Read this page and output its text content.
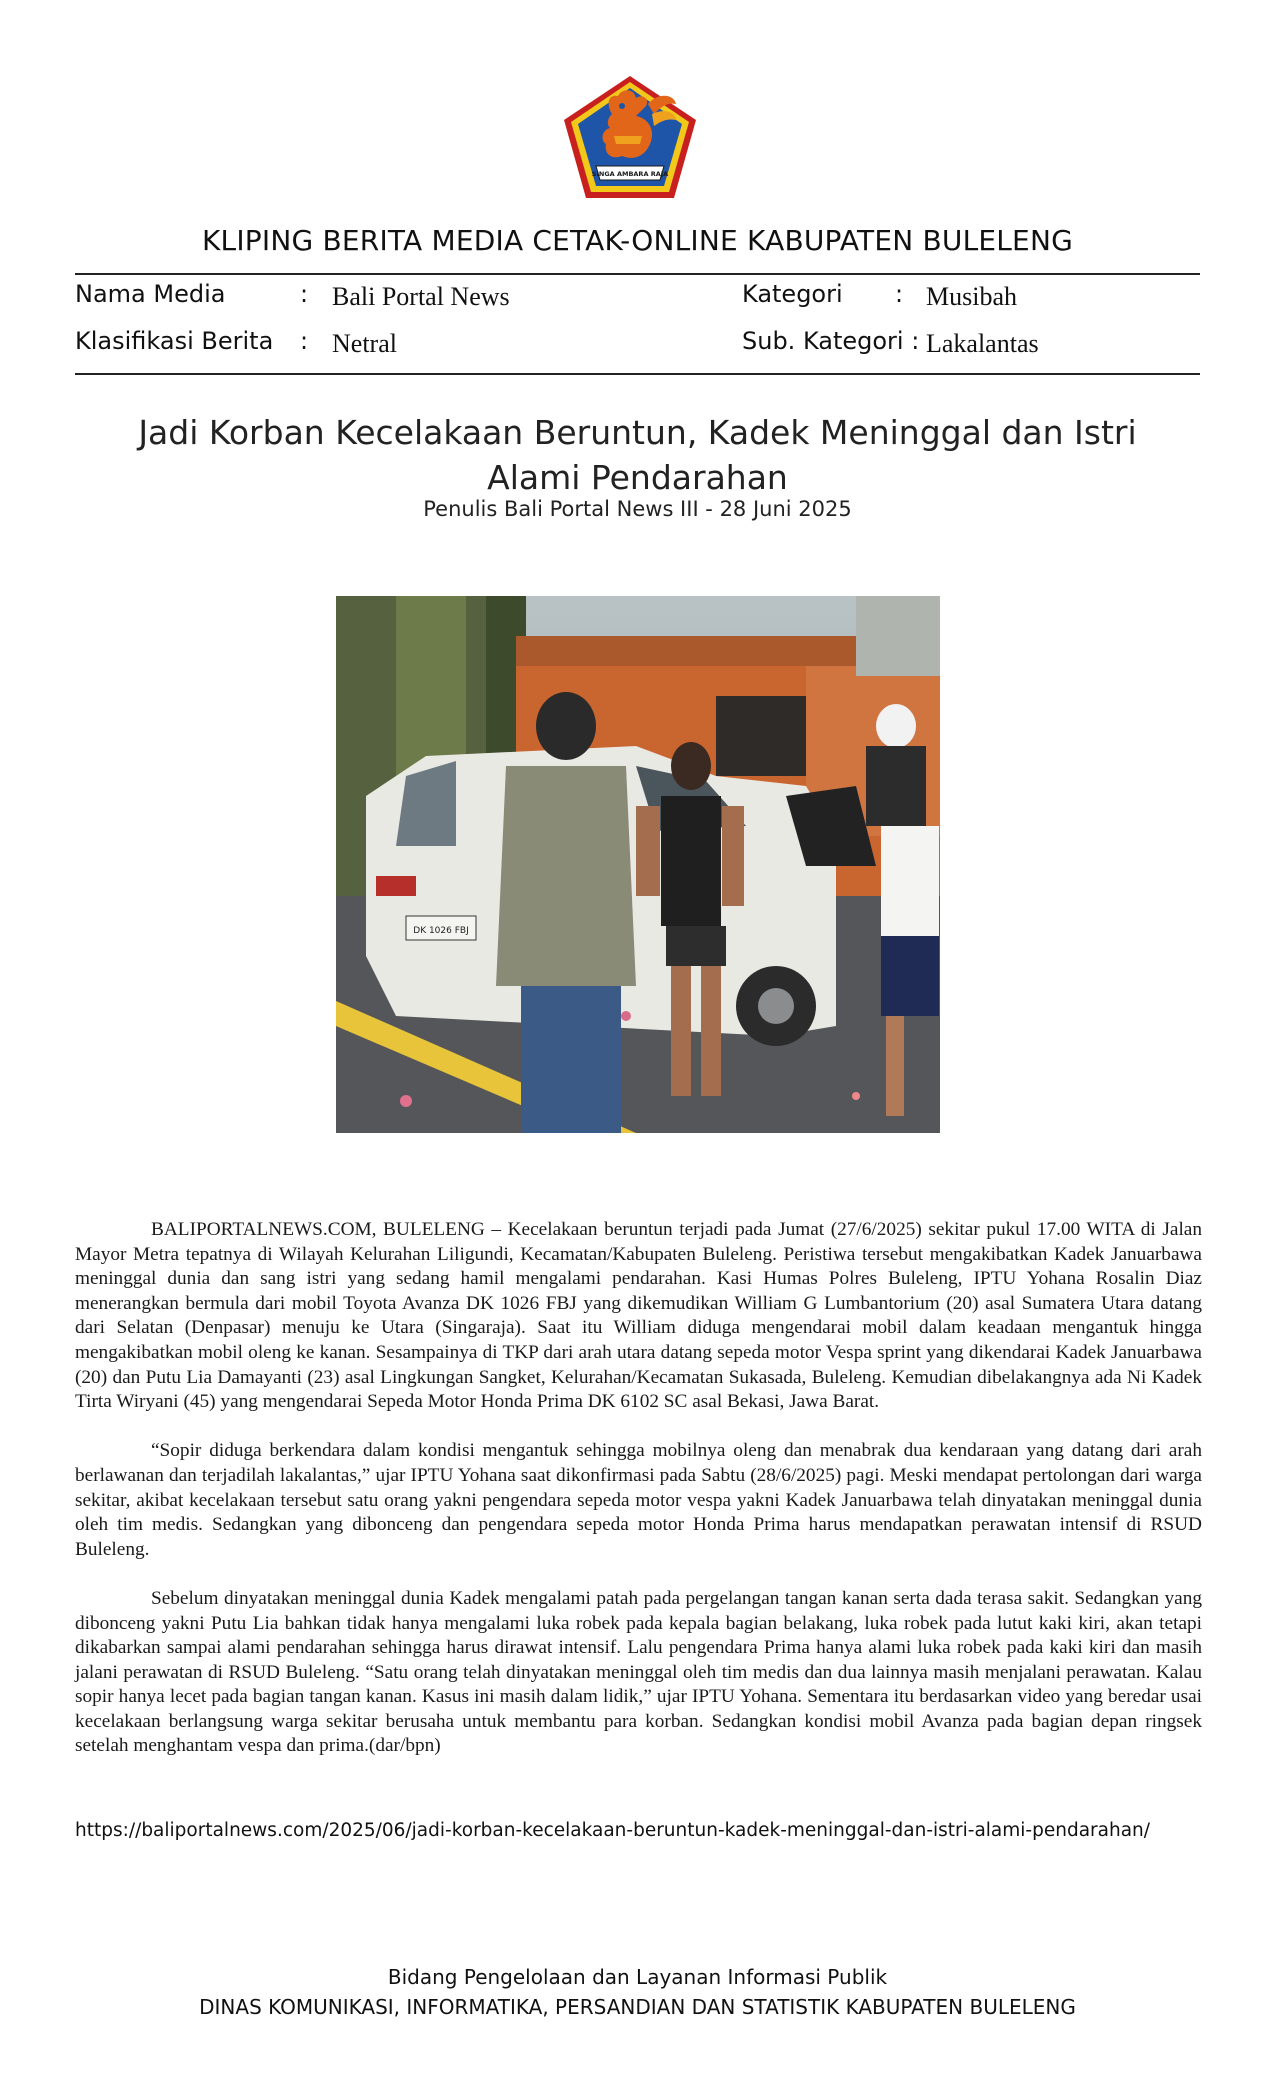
SINGA AMBARA RAJA
KLIPING BERITA MEDIA CETAK-ONLINE KABUPATEN BULELENG
Nama Media	: Bali Portal News	Kategori : Musibah
Klasifikasi Berita : Netral	Sub. Kategori : Lakalantas
Jadi Korban Kecelakaan Beruntun, Kadek Meninggal dan Istri
Alami Pendarahan
Penulis Bali Portal News III - 28 Juni 2025
DK 1026 FBJ

BALIPORTALNEWS.COM, BULELENG – Kecelakaan beruntun terjadi pada Jumat (27/6/2025) sekitar pukul 17.00 WITA di Jalan Mayor Metra tepatnya di Wilayah Kelurahan Liligundi, Kecamatan/Kabupaten Buleleng. Peristiwa tersebut mengakibatkan Kadek Januarbawa meninggal dunia dan sang istri yang sedang hamil mengalami pendarahan. Kasi Humas Polres Buleleng, IPTU Yohana Rosalin Diaz menerangkan bermula dari mobil Toyota Avanza DK 1026 FBJ yang dikemudikan William G Lumbantorium (20) asal Sumatera Utara datang dari Selatan (Denpasar) menuju ke Utara (Singaraja). Saat itu William diduga mengendarai mobil dalam keadaan mengantuk hingga mengakibatkan mobil oleng ke kanan. Sesampainya di TKP dari arah utara datang sepeda motor Vespa sprint yang dikendarai Kadek Januarbawa (20) dan Putu Lia Damayanti (23) asal Lingkungan Sangket, Kelurahan/Kecamatan Sukasada, Buleleng. Kemudian dibelakangnya ada Ni Kadek Tirta Wiryani (45) yang mengendarai Sepeda Motor Honda Prima DK 6102 SC asal Bekasi, Jawa Barat.

“Sopir diduga berkendara dalam kondisi mengantuk sehingga mobilnya oleng dan menabrak dua kendaraan yang datang dari arah berlawanan dan terjadilah lakalantas,” ujar IPTU Yohana saat dikonfirmasi pada Sabtu (28/6/2025) pagi. Meski mendapat pertolongan dari warga sekitar, akibat kecelakaan tersebut satu orang yakni pengendara sepeda motor vespa yakni Kadek Januarbawa telah dinyatakan meninggal dunia oleh tim medis. Sedangkan yang dibonceng dan pengendara sepeda motor Honda Prima harus mendapatkan perawatan intensif di RSUD Buleleng.

Sebelum dinyatakan meninggal dunia Kadek mengalami patah pada pergelangan tangan kanan serta dada terasa sakit. Sedangkan yang dibonceng yakni Putu Lia bahkan tidak hanya mengalami luka robek pada kepala bagian belakang, luka robek pada lutut kaki kiri, akan tetapi dikabarkan sampai alami pendarahan sehingga harus dirawat intensif. Lalu pengendara Prima hanya alami luka robek pada kaki kiri dan masih jalani perawatan di RSUD Buleleng. “Satu orang telah dinyatakan meninggal oleh tim medis dan dua lainnya masih menjalani perawatan. Kalau sopir hanya lecet pada bagian tangan kanan. Kasus ini masih dalam lidik,” ujar IPTU Yohana. Sementara itu berdasarkan video yang beredar usai kecelakaan berlangsung warga sekitar berusaha untuk membantu para korban. Sedangkan kondisi mobil Avanza pada bagian depan ringsek setelah menghantam vespa dan prima.(dar/bpn)

https://baliportalnews.com/2025/06/jadi-korban-kecelakaan-beruntun-kadek-meninggal-dan-istri-alami-pendarahan/
Bidang Pengelolaan dan Layanan Informasi Publik
DINAS KOMUNIKASI, INFORMATIKA, PERSANDIAN DAN STATISTIK KABUPATEN BULELENG
